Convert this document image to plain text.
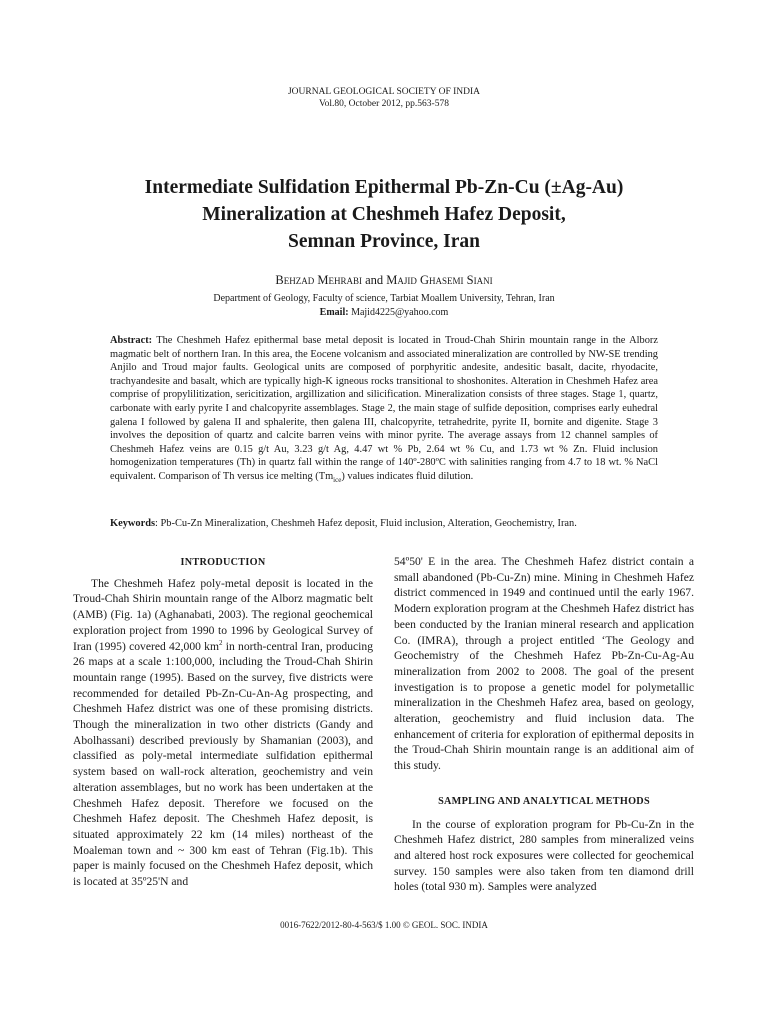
JOURNAL GEOLOGICAL SOCIETY OF INDIA
Vol.80, October 2012, pp.563-578
Intermediate Sulfidation Epithermal Pb-Zn-Cu (±Ag-Au)
Mineralization at Cheshmeh Hafez Deposit,
Semnan Province, Iran
Behzad Mehrabi and Majid Ghasemi Siani
Department of Geology, Faculty of science, Tarbiat Moallem University, Tehran, Iran
Email: Majid4225@yahoo.com
Abstract: The Cheshmeh Hafez epithermal base metal deposit is located in Troud-Chah Shirin mountain range in the Alborz magmatic belt of northern Iran. In this area, the Eocene volcanism and associated mineralization are controlled by NW-SE trending Anjilo and Troud major faults. Geological units are composed of porphyritic andesite, andesitic basalt, dacite, rhyodacite, trachyandesite and basalt, which are typically high-K igneous rocks transitional to shoshonites. Alteration in Cheshmeh Hafez area comprise of propylilitization, sericitization, argillization and silicification. Mineralization consists of three stages. Stage 1, quartz, carbonate with early pyrite I and chalcopyrite assemblages. Stage 2, the main stage of sulfide deposition, comprises early euhedral galena I followed by galena II and sphalerite, then galena III, chalcopyrite, tetrahedrite, pyrite II, bornite and digenite. Stage 3 involves the deposition of quartz and calcite barren veins with minor pyrite. The average assays from 12 channel samples of Cheshmeh Hafez veins are 0.15 g/t Au, 3.23 g/t Ag, 4.47 wt % Pb, 2.64 wt % Cu, and 1.73 wt % Zn. Fluid inclusion homogenization temperatures (Th) in quartz fall within the range of 140º-280ºC with salinities ranging from 4.7 to 18 wt. % NaCl equivalent. Comparison of Th versus ice melting $(Tm_{ice})$ values indicates fluid dilution.
Keywords: Pb-Cu-Zn Mineralization, Cheshmeh Hafez deposit, Fluid inclusion, Alteration, Geochemistry, Iran.
INTRODUCTION

The Cheshmeh Hafez poly-metal deposit is located in the Troud-Chah Shirin mountain range of the Alborz magmatic belt (AMB) (Fig. 1a) (Aghanabati, 2003). The regional geochemical exploration project from 1990 to 1996 by Geological Survey of Iran (1995) covered 42,000 $km^2$ in north-central Iran, producing 26 maps at a scale 1:100,000, including the Troud-Chah Shirin mountain range (1995). Based on the survey, five districts were recommended for detailed Pb-Zn-Cu-An-Ag prospecting, and Cheshmeh Hafez district was one of these promising districts. Though the mineralization in two other districts (Gandy and Abolhassani) described previously by Shamanian (2003), and classified as poly-metal intermediate sulfidation epithermal system based on wall-rock alteration, geochemistry and vein alteration assemblages, but no work has been undertaken at the Cheshmeh Hafez deposit. Therefore we focused on the Cheshmeh Hafez deposit. The Cheshmeh Hafez deposit, is situated approximately 22 km (14 miles) northeast of the Moaleman town and ~ 300 km east of Tehran (Fig.1b). This paper is mainly focused on the Cheshmeh Hafez deposit, which is located at 35º25'N and

54º50' E in the area. The Cheshmeh Hafez district contain a small abandoned (Pb-Cu-Zn) mine. Mining in Cheshmeh Hafez district commenced in 1949 and continued until the early 1967. Modern exploration program at the Cheshmeh Hafez district has been conducted by the Iranian mineral research and application Co. (IMRA), through a project entitled ‘The Geology and Geochemistry of the Cheshmeh Hafez Pb-Zn-Cu-Ag-Au mineralization from 2002 to 2008. The goal of the present investigation is to propose a genetic model for polymetallic mineralization in the Cheshmeh Hafez area, based on geology, alteration, geochemistry and fluid inclusion data. The enhancement of criteria for exploration of epithermal deposits in the Troud-Chah Shirin mountain range is an additional aim of this study.

SAMPLING AND ANALYTICAL METHODS

In the course of exploration program for Pb-Cu-Zn in the Cheshmeh Hafez district, 280 samples from mineralized veins and altered host rock exposures were collected for geochemical survey. 150 samples were also taken from ten diamond drill holes (total 930 m). Samples were analyzed

0016-7622/2012-80-4-563/$ 1.00 © GEOL. SOC. INDIA
